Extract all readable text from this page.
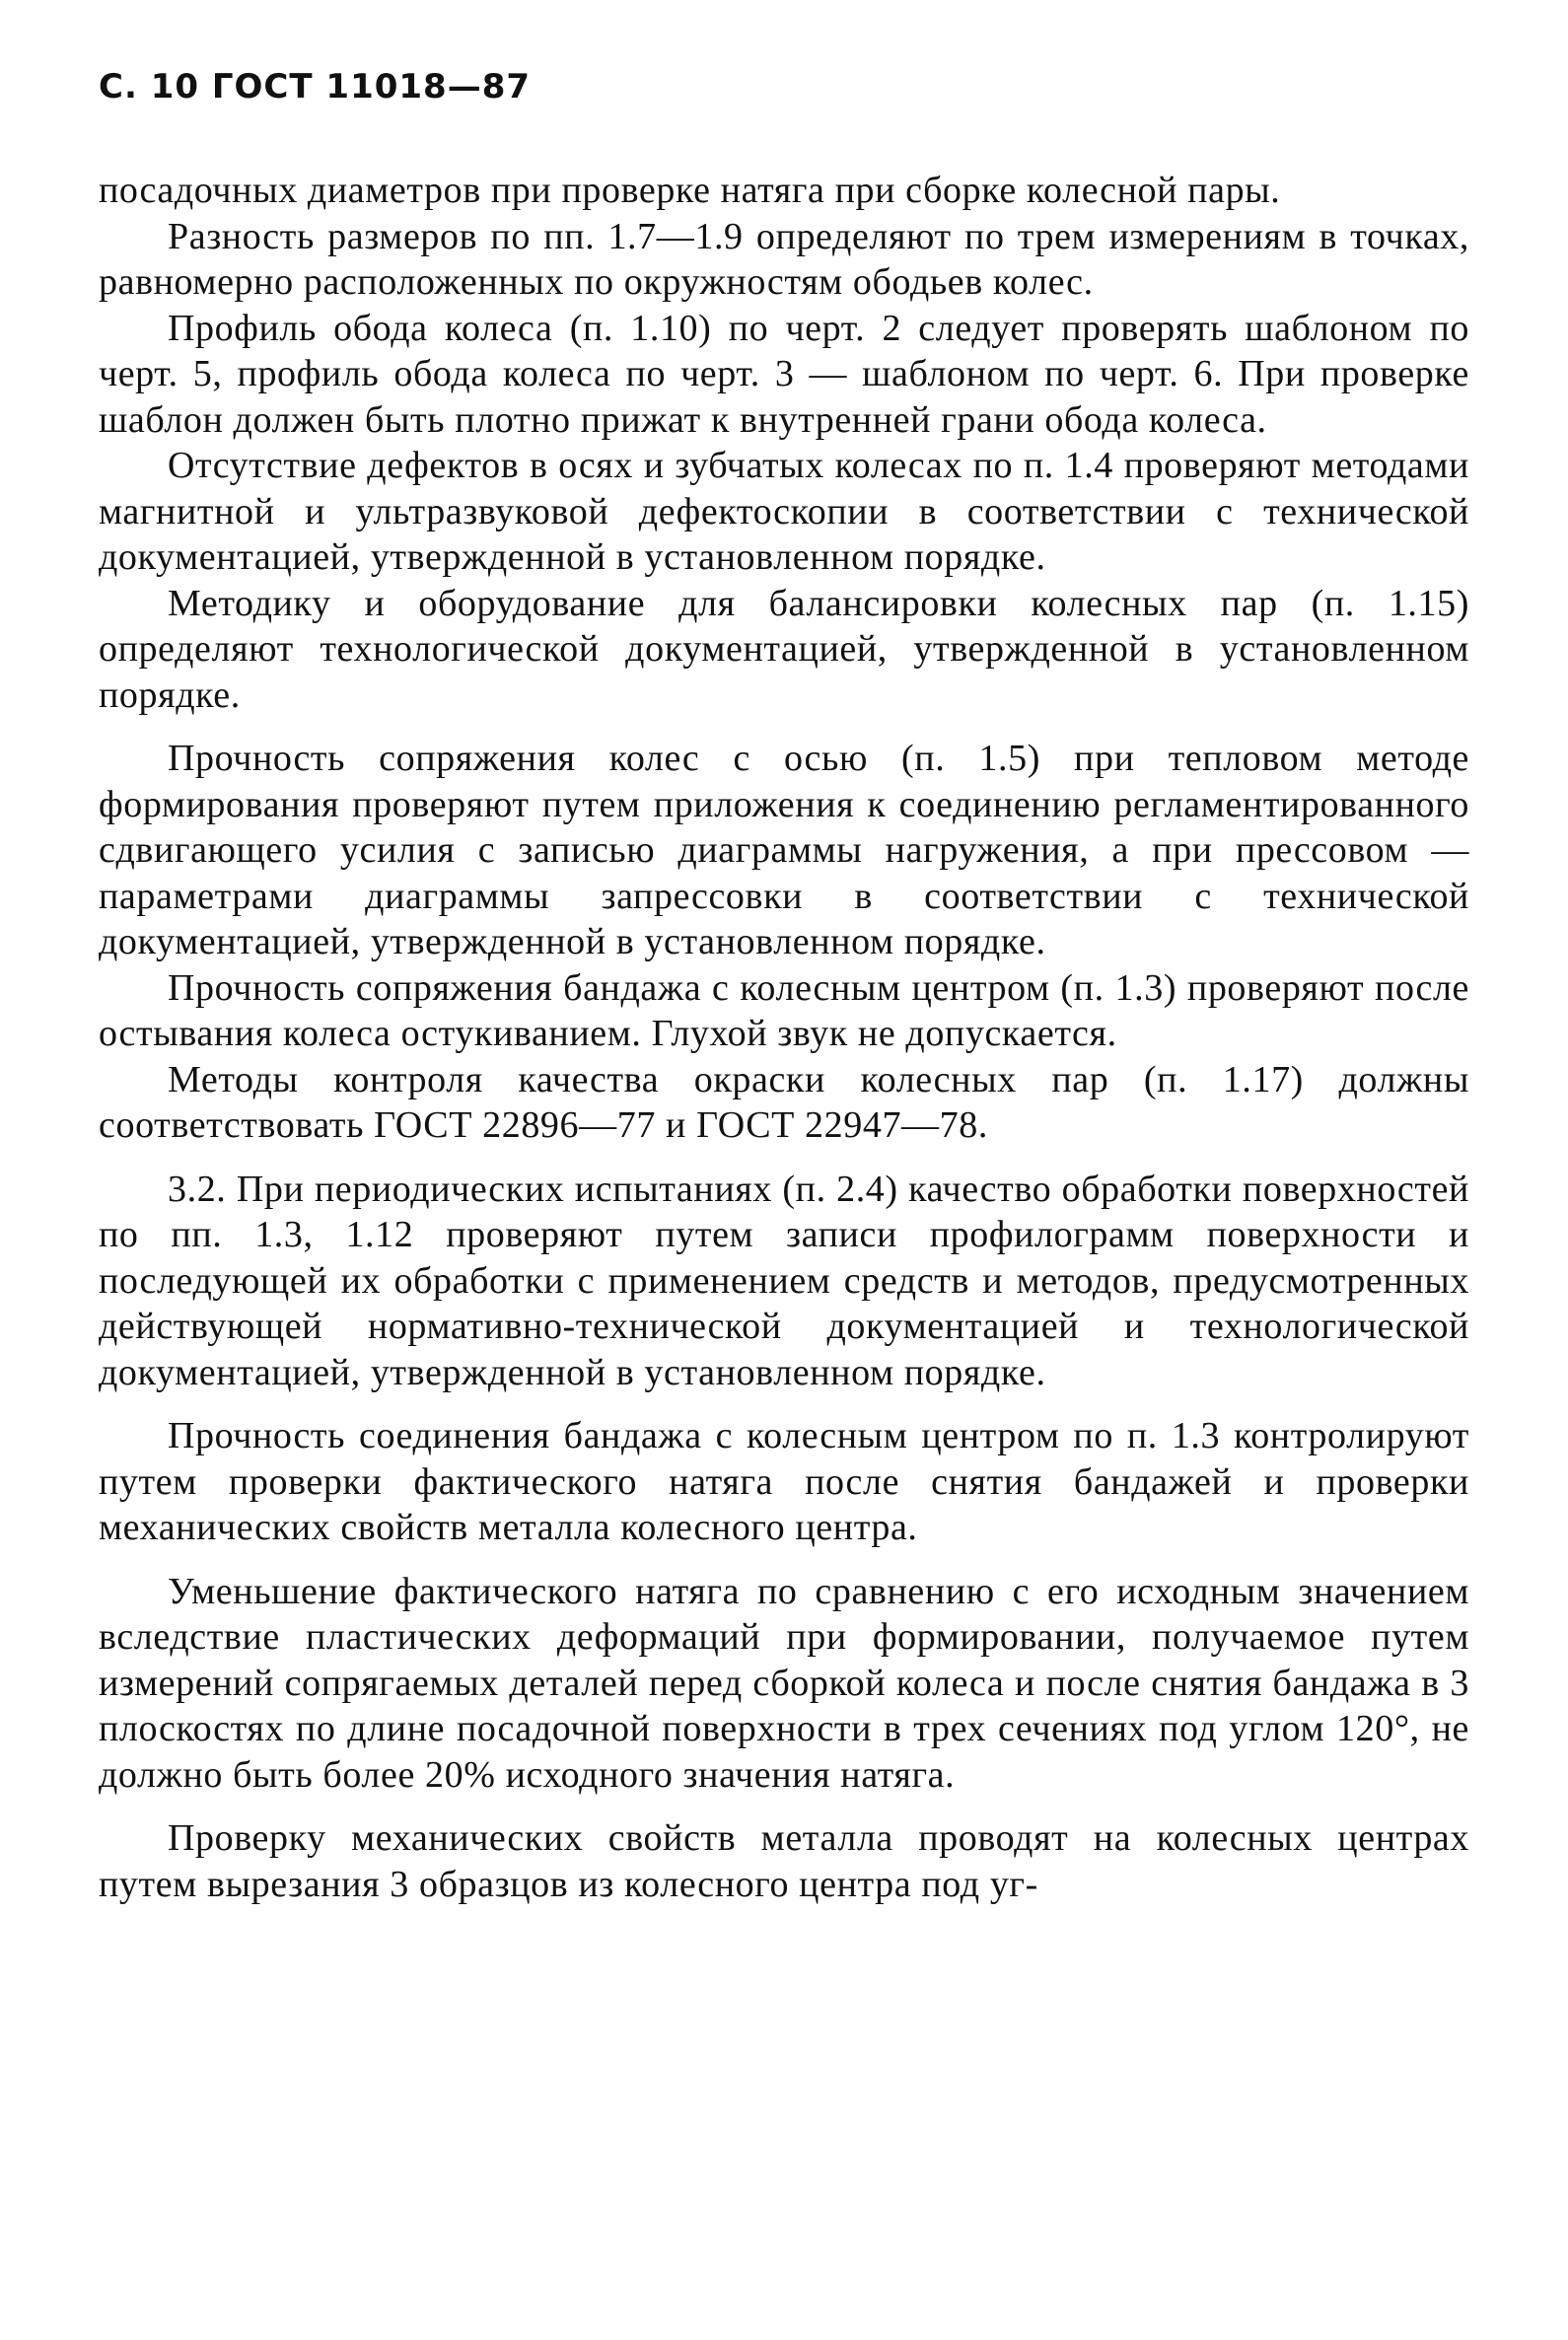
С. 10 ГОСТ 11018—87

посадочных диаметров при проверке натяга при сборке колесной пары.

Разность размеров по пп. 1.7—1.9 определяют по трем измерениям в точках, равномерно расположенных по окружностям ободьев колес.

Профиль обода колеса (п. 1.10) по черт. 2 следует проверять шаблоном по черт. 5, профиль обода колеса по черт. 3 — шаблоном по черт. 6. При проверке шаблон должен быть плотно прижат к внутренней грани обода колеса.

Отсутствие дефектов в осях и зубчатых колесах по п. 1.4 проверяют методами магнитной и ультразвуковой дефектоскопии в соответствии с технической документацией, утвержденной в установленном порядке.

Методику и оборудование для балансировки колесных пар (п. 1.15) определяют технологической документацией, утвержденной в установленном порядке.

Прочность сопряжения колес с осью (п. 1.5) при тепловом методе формирования проверяют путем приложения к соединению регламентированного сдвигающего усилия с записью диаграммы нагружения, а при прессовом — параметрами диаграммы запрессовки в соответствии с технической документацией, утвержденной в установленном порядке.

Прочность сопряжения бандажа с колесным центром (п. 1.3) проверяют после остывания колеса остукиванием. Глухой звук не допускается.

Методы контроля качества окраски колесных пар (п. 1.17) должны соответствовать ГОСТ 22896—77 и ГОСТ 22947—78.

3.2. При периодических испытаниях (п. 2.4) качество обработки поверхностей по пп. 1.3, 1.12 проверяют путем записи профилограмм поверхности и последующей их обработки с применением средств и методов, предусмотренных действующей нормативно-технической документацией и технологической документацией, утвержденной в установленном порядке.

Прочность соединения бандажа с колесным центром по п. 1.3 контролируют путем проверки фактического натяга после снятия бандажей и проверки механических свойств металла колесного центра.

Уменьшение фактического натяга по сравнению с его исходным значением вследствие пластических деформаций при формировании, получаемое путем измерений сопрягаемых деталей перед сборкой колеса и после снятия бандажа в 3 плоскостях по длине посадочной поверхности в трех сечениях под углом 120°, не должно быть более 20% исходного значения натяга.

Проверку механических свойств металла проводят на колесных центрах путем вырезания 3 образцов из колесного центра под уг-
